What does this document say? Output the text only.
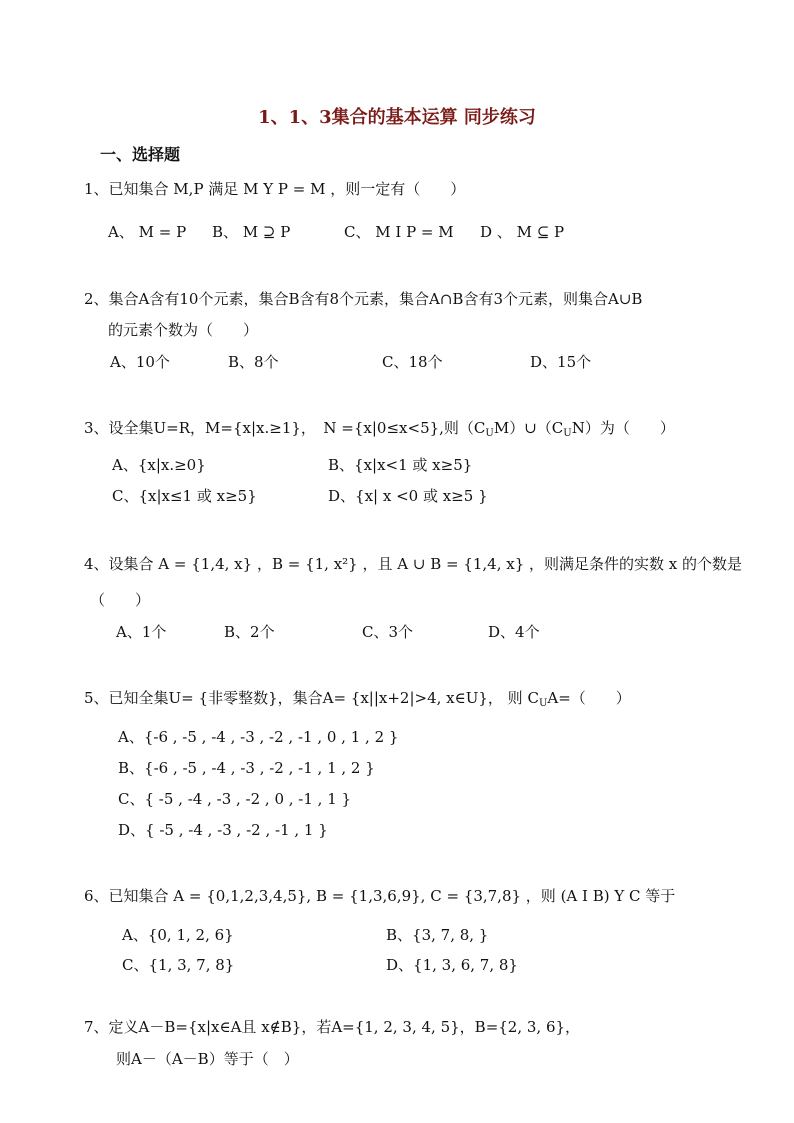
1、1、3集合的基本运算 同步练习
一、选择题
1、已知集合 M,P 满足 M Y P = M ，则一定有（　　）
A、 M = P B、 M ⊇ P	C、 M I P = M D 、 M ⊆ P
2、集合A含有10个元素，集合B含有8个元素，集合A∩B含有3个元素，则集合A∪B
的元素个数为（　　）
A、10个	B、8个	C、18个	D、15个
3、设全集U=R，M={x|x.≥1}，　N ={x|0≤x<5},则$(C_UM)\cup(C_UN)$为（　　）
A、{x|x.≥0}	B、{x|x<1 或 x≥5}
C、{x|x≤1 或 x≥5}	D、{x| x <0 或 x≥5 }
4、设集合 A = {1,4, x} ，B = {1, x²} ，且 A ∪ B = {1,4, x} ，则满足条件的实数 x 的个数是
（　　）
A、1个	B、2个	C、3个	D、4个
5、已知全集U= {非零整数}，集合A= {x||x+2|>4, x∈U}， 则 $C_UA=$（　　）
A、{-6 , -5 , -4 , -3 , -2 , -1 , 0 , 1 , 2 }
B、{-6 , -5 , -4 , -3 , -2 , -1 , 1 , 2 }
C、{ -5 , -4 , -3 , -2 , 0 , -1 , 1 }
D、{ -5 , -4 , -3 , -2 , -1 , 1 }
6、已知集合 A = {0,1,2,3,4,5}, B = {1,3,6,9}, C = {3,7,8} ，则 (A I B) Y C 等于
A、{0, 1, 2, 6}	B、{3, 7, 8, }
C、{1, 3, 7, 8}	D、{1, 3, 6, 7, 8}
7、定义A－B={x|x∈A且 x∉B}，若A={1, 2, 3, 4, 5}，B={2, 3, 6}，
则A－（A－B）等于（　）
